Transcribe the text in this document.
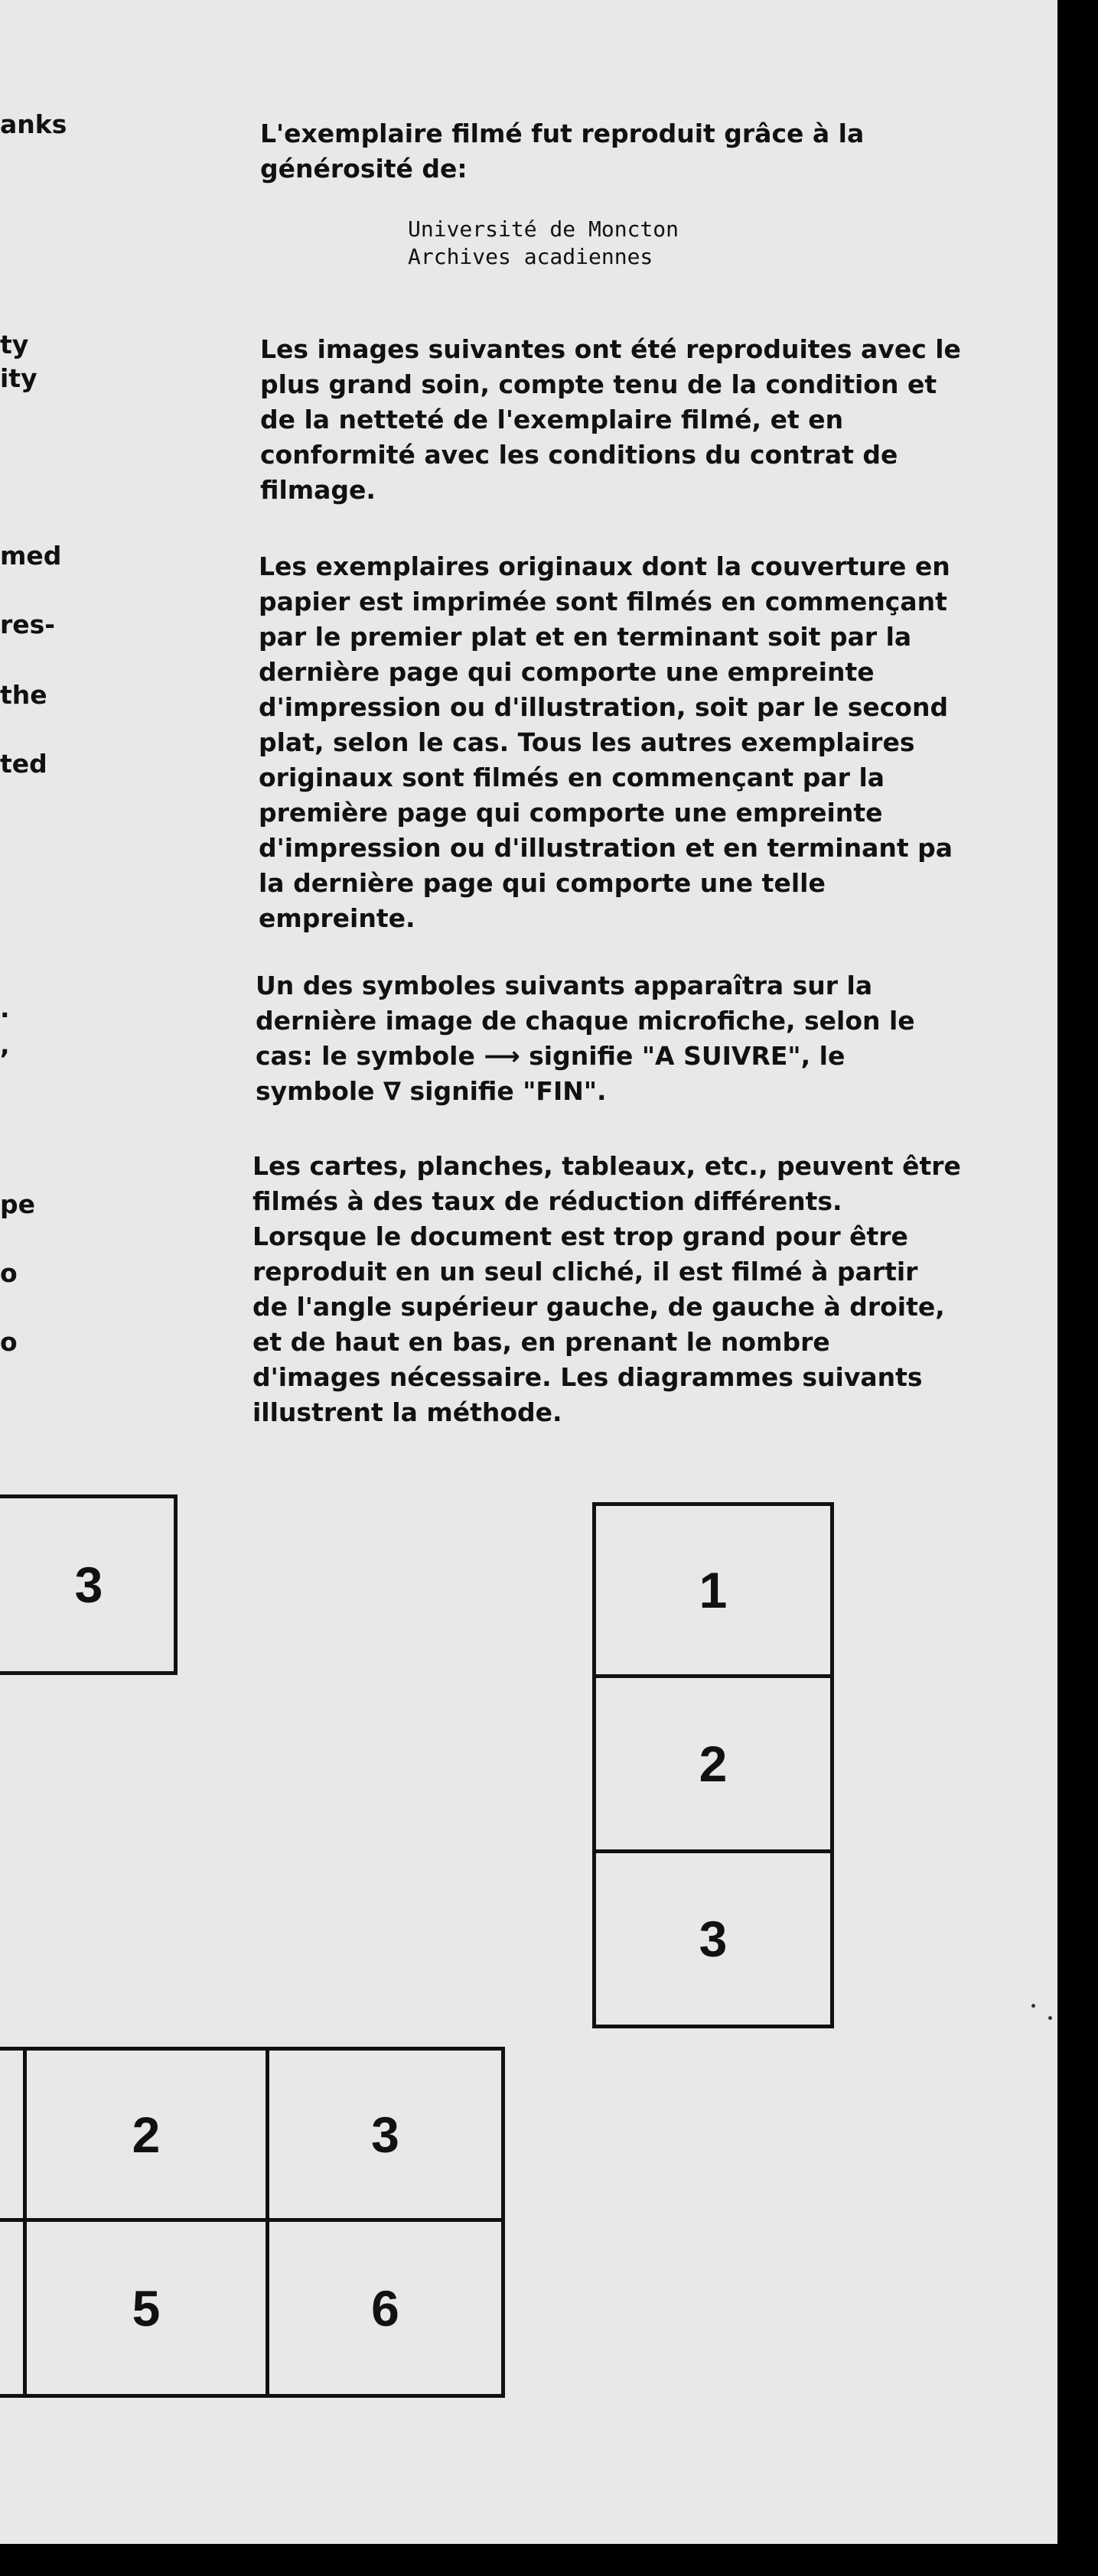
anks

ty

ity

med

res-

the

ted

.

,

pe

o

o

L'exemplaire filmé fut reproduit grâce à la

générosité de:

Université de Moncton

Archives acadiennes

Les images suivantes ont été reproduites avec le
plus grand soin, compte tenu de la condition et
de la netteté de l'exemplaire filmé, et en
conformité avec les conditions du contrat de
filmage.

Les exemplaires originaux dont la couverture en
papier est imprimée sont filmés en commençant
par le premier plat et en terminant soit par la
dernière page qui comporte une empreinte
d'impression ou d'illustration, soit par le second
plat, selon le cas. Tous les autres exemplaires
originaux sont filmés en commençant par la
première page qui comporte une empreinte
d'impression ou d'illustration et en terminant pa
la dernière page qui comporte une telle
empreinte.

Un des symboles suivants apparaîtra sur la
dernière image de chaque microfiche, selon le
cas: le symbole ⟶ signifie "A SUIVRE", le
symbole ∇ signifie "FIN".

Les cartes, planches, tableaux, etc., peuvent être
filmés à des taux de réduction différents.
Lorsque le document est trop grand pour être
reproduit en un seul cliché, il est filmé à partir
de l'angle supérieur gauche, de gauche à droite,
et de haut en bas, en prenant le nombre
d'images nécessaire. Les diagrammes suivants
illustrent la méthode.

3	1
2
3
2	3
5	6
